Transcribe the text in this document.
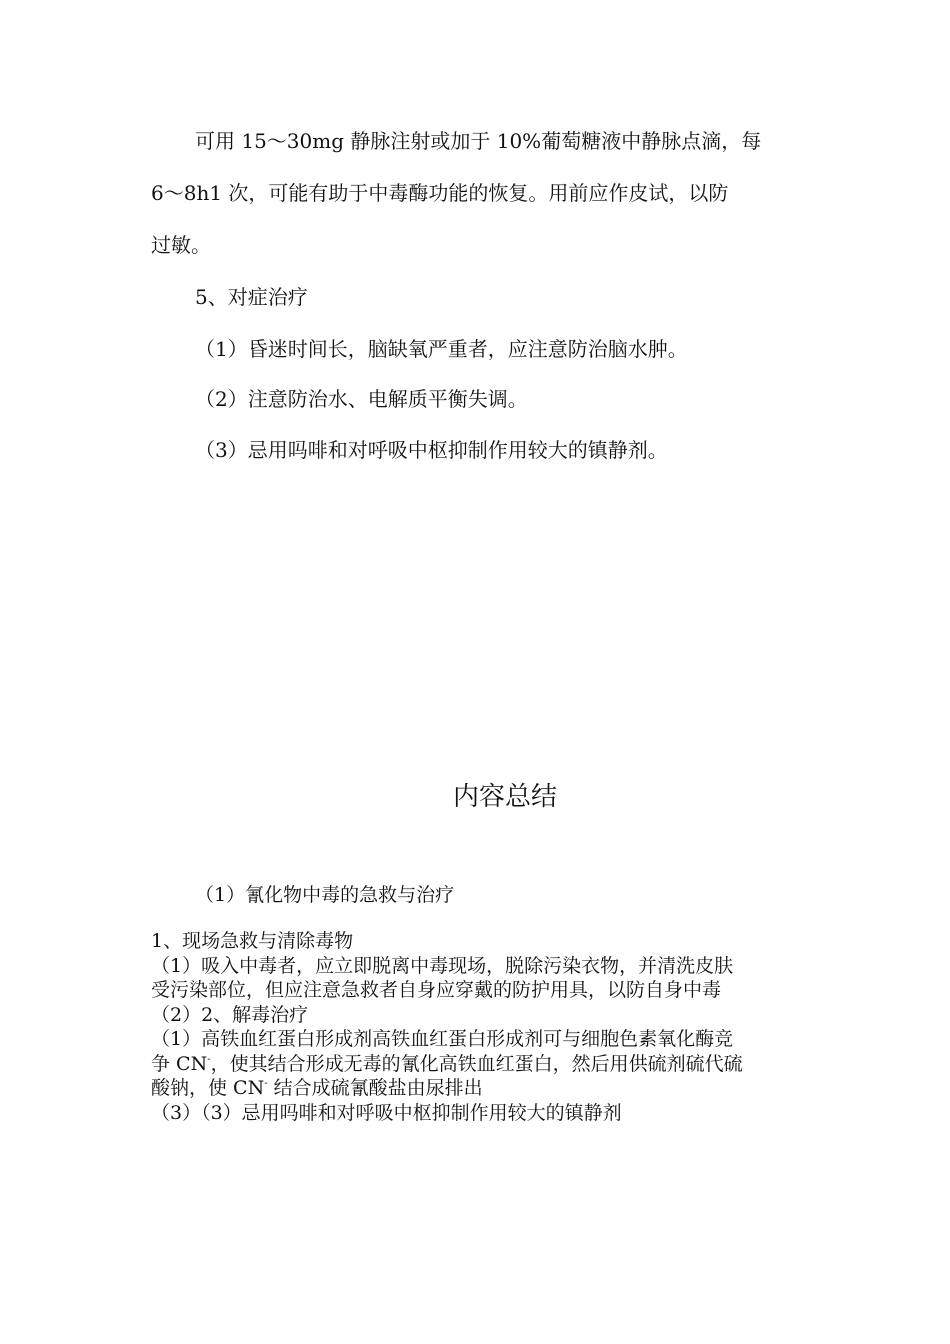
可用 15～30mg 静脉注射或加于 10%葡萄糖液中静脉点滴，每
6～8h1 次，可能有助于中毒酶功能的恢复。用前应作皮试，以防
过敏。
5、对症治疗
（1）昏迷时间长，脑缺氧严重者，应注意防治脑水肿。
（2）注意防治水、电解质平衡失调。
（3）忌用吗啡和对呼吸中枢抑制作用较大的镇静剂。
内容总结
（1）氰化物中毒的急救与治疗
1、现场急救与清除毒物
（1）吸入中毒者，应立即脱离中毒现场，脱除污染衣物，并清洗皮肤
受污染部位，但应注意急救者自身应穿戴的防护用具，以防自身中毒
（2）2、解毒治疗
（1）高铁血红蛋白形成剂高铁血红蛋白形成剂可与细胞色素氧化酶竞
争 CN-，使其结合形成无毒的氰化高铁血红蛋白，然后用供硫剂硫代硫
酸钠，使 CN- 结合成硫氰酸盐由尿排出
（3）（3）忌用吗啡和对呼吸中枢抑制作用较大的镇静剂
